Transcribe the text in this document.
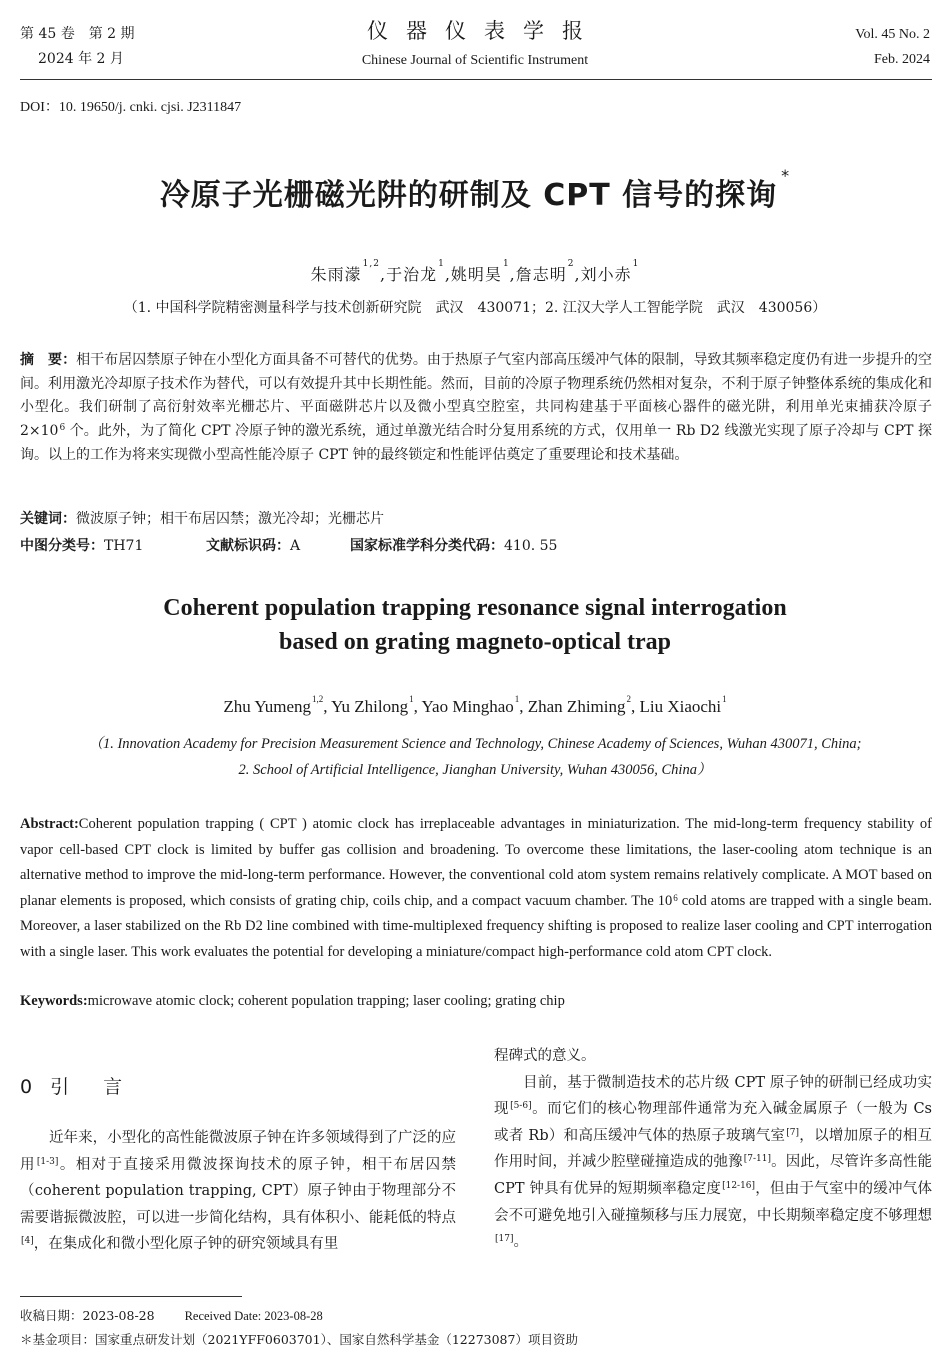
第 45 卷　第 2 期
2024 年 2 月
仪器仪表学报
Chinese Journal of Scientific Instrument
Vol. 45 No. 2
Feb. 2024
DOI：10. 19650/j. cnki. cjsi. J2311847
冷原子光栅磁光阱的研制及 CPT 信号的探询*
朱雨濛$^{1,2}$,于治龙$^1$,姚明昊$^1$,詹志明$^2$,刘小赤$^1$
（1. 中国科学院精密测量科学与技术创新研究院　武汉　430071；2. 江汉大学人工智能学院　武汉　430056）
摘　要：相干布居囚禁原子钟在小型化方面具备不可替代的优势。由于热原子气室内部高压缓冲气体的限制，导致其频率稳定度仍有进一步提升的空间。利用激光冷却原子技术作为替代，可以有效提升其中长期性能。然而，目前的冷原子物理系统仍然相对复杂，不利于原子钟整体系统的集成化和小型化。我们研制了高衍射效率光栅芯片、平面磁阱芯片以及微小型真空腔室，共同构建基于平面核心器件的磁光阱，利用单光束捕获冷原子 $2\times 10^6$ 个。此外，为了简化 CPT 冷原子钟的激光系统，通过单激光结合时分复用系统的方式，仅用单一 Rb D2 线激光实现了原子冷却与 CPT 探询。以上的工作为将来实现微小型高性能冷原子 CPT 钟的最终锁定和性能评估奠定了重要理论和技术基础。
关键词：微波原子钟；相干布居囚禁；激光冷却；光栅芯片
中图分类号：TH71	文献标识码：A	国家标准学科分类代码：410. 55
Coherent population trapping resonance signal interrogation
based on grating magneto-optical trap
Zhu Yumeng$^{1,2}$, Yu Zhilong$^1$, Yao Minghao$^1$, Zhan Zhiming$^2$, Liu Xiaochi$^1$
（1. Innovation Academy for Precision Measurement Science and Technology, Chinese Academy of Sciences, Wuhan 430071, China;
2. School of Artificial Intelligence, Jianghan University, Wuhan 430056, China）
Abstract:Coherent population trapping ( CPT ) atomic clock has irreplaceable advantages in miniaturization. The mid-long-term frequency stability of vapor cell-based CPT clock is limited by buffer gas collision and broadening. To overcome these limitations, the laser-cooling atom technique is an alternative method to improve the mid-long-term performance. However, the conventional cold atom system remains relatively complicate. A MOT based on planar elements is proposed, which consists of grating chip, coils chip, and a compact vacuum chamber. The $10^6$ cold atoms are trapped with a single beam. Moreover, a laser stabilized on the Rb D2 line combined with time-multiplexed frequency shifting is proposed to realize laser cooling and CPT interrogation with a single laser. This work evaluates the potential for developing a miniature/compact high-performance cold atom CPT clock.
Keywords:microwave atomic clock; coherent population trapping; laser cooling; grating chip
0 引言

近年来，小型化的高性能微波原子钟在许多领域得到了广泛的应用[1-3]。相对于直接采用微波探询技术的原子钟，相干布居囚禁（coherent population trapping, CPT）原子钟由于物理部分不需要谐振微波腔，可以进一步简化结构，具有体积小、能耗低的特点[4]，在集成化和微小型化原子钟的研究领域具有里

程碑式的意义。

目前，基于微制造技术的芯片级 CPT 原子钟的研制已经成功实现[5-6]。而它们的核心物理部件通常为充入碱金属原子（一般为 Cs 或者 Rb）和高压缓冲气体的热原子玻璃气室[7]，以增加原子的相互作用时间，并减少腔壁碰撞造成的弛豫[7-11]。因此，尽管许多高性能 CPT 钟具有优异的短期频率稳定度[12-16]，但由于气室中的缓冲气体会不可避免地引入碰撞频移与压力展宽，中长期频率稳定度不够理想[17]。

收稿日期：2023-08-28 Received Date: 2023-08-28
＊基金项目：国家重点研发计划（2021YFF0603701）、国家自然科学基金（12273087）项目资助
